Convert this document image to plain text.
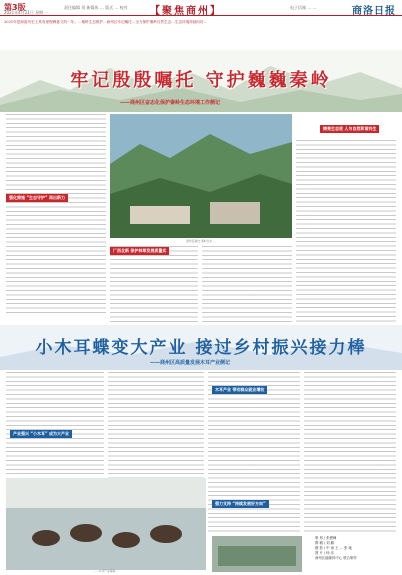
第3版
2021年4月21日 星期一
责任编辑 刘 新媒体 … 版式 … 校对 【聚焦商州】	电子信箱 … …	商洛日报
2021年是商洛历史上具有里程碑意义的一年。…秦岭生态保护…商州区牢记嘱托…全力保护秦岭自然生态…生态环境持续向好…
牢记殷殷嘱托 守护巍巍秦岭
——商州区奋志化保护秦岭生态环境工作侧记
强化措施 “生态守护” 再出新力
广西北新 保护林草发展质量实
擦亮生态底 人与自然和谐共生
商州区境内 秦岭生态 …
小木耳蝶变大产业 接过乡村振兴接力棒
——商州区高质量发展木耳产业侧记
产业强兴 “小木耳” 成为大产业
木耳产业 带动群众就业增收
强力支持 “持续发展好方向”
……木耳产业基地 …
策 划 / 张俊峰
撰 稿 / 刘 鹏
摄 影 / 中 南 王 … 张 驰
图 片 / 杨 乐
商州区融媒体中心 联合制作
